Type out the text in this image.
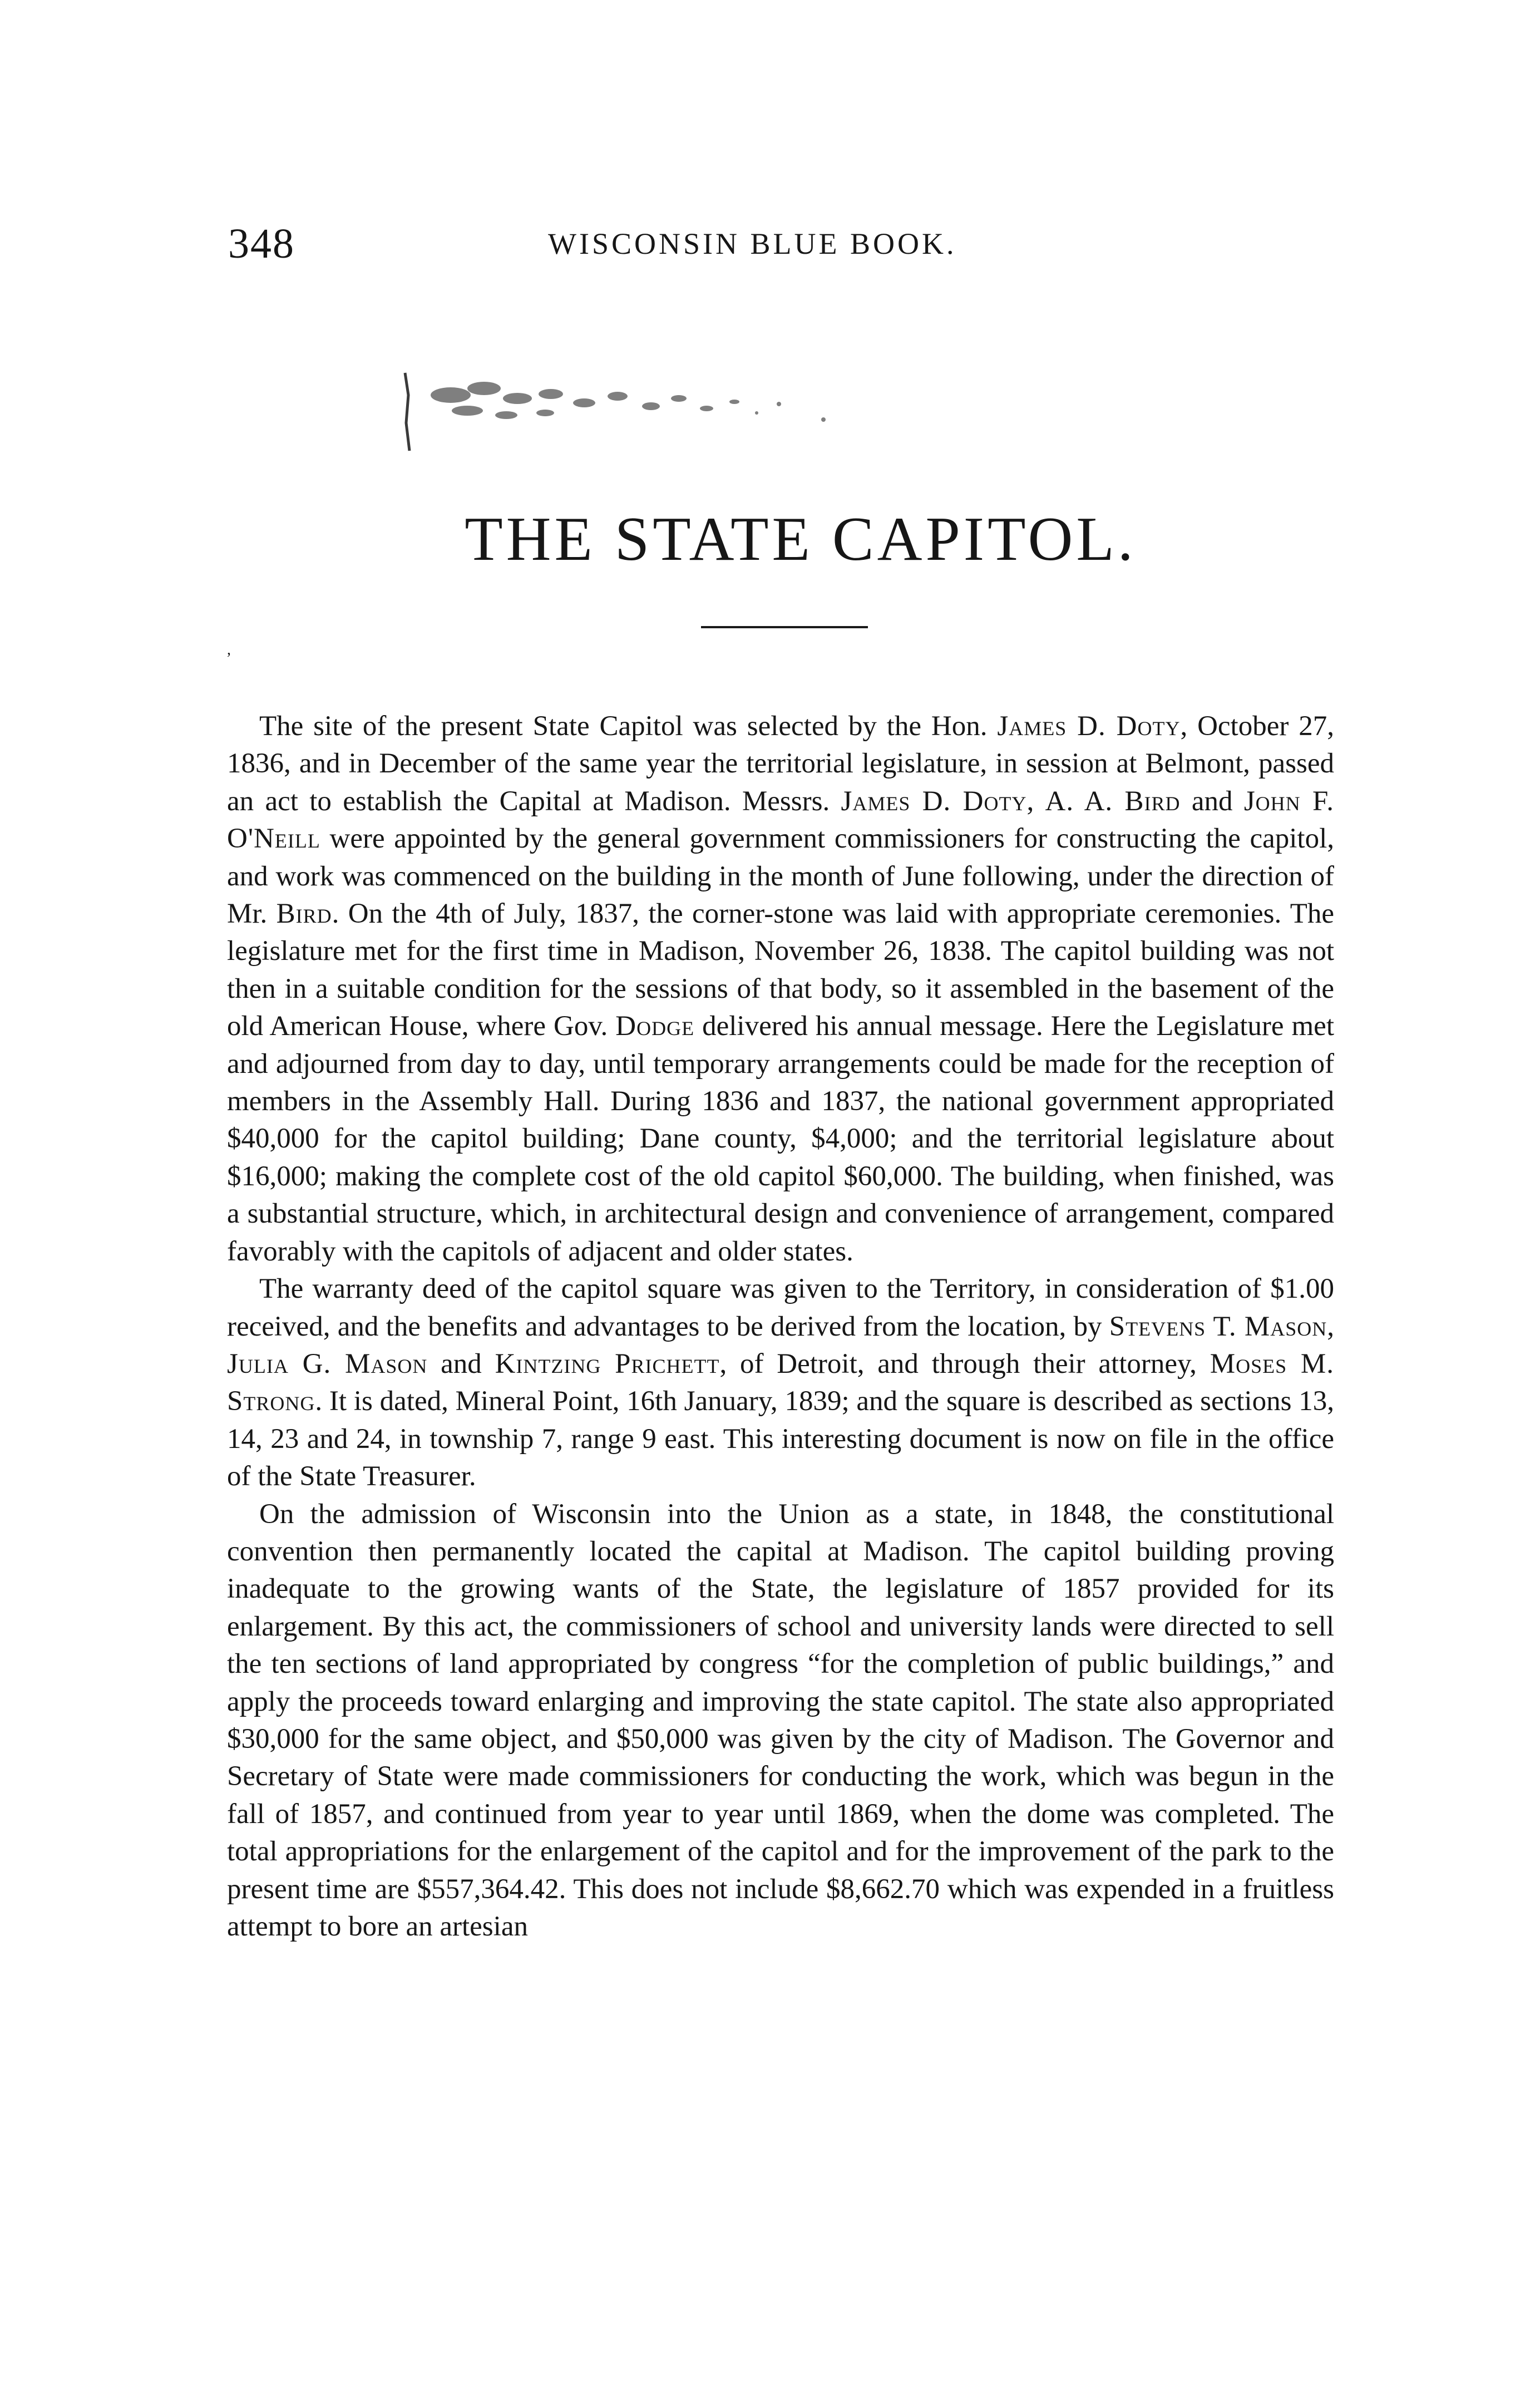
348	WISCONSIN BLUE BOOK.
THE STATE CAPITOL.
,

The site of the present State Capitol was selected by the Hon. James D. Doty, October 27, 1836, and in December of the same year the territorial legislature, in session at Belmont, passed an act to establish the Capital at Madison. Messrs. James D. Doty, A. A. Bird and John F. O'Neill were appointed by the general government commissioners for constructing the capitol, and work was commenced on the building in the month of June following, under the direction of Mr. Bird. On the 4th of July, 1837, the corner-stone was laid with appropriate ceremonies. The legislature met for the first time in Madison, November 26, 1838. The capitol building was not then in a suitable condition for the sessions of that body, so it assembled in the basement of the old American House, where Gov. Dodge delivered his annual message. Here the Legislature met and adjourned from day to day, until temporary arrangements could be made for the reception of members in the Assembly Hall. During 1836 and 1837, the national government appropriated $40,000 for the capitol building; Dane county, $4,000; and the territorial legislature about $16,000; making the complete cost of the old capitol $60,000. The building, when finished, was a substantial structure, which, in architectural design and convenience of arrangement, compared favorably with the capitols of adjacent and older states.

The warranty deed of the capitol square was given to the Territory, in consideration of $1.00 received, and the benefits and advantages to be derived from the location, by Stevens T. Mason, Julia G. Mason and Kintzing Prichett, of Detroit, and through their attorney, Moses M. Strong. It is dated, Mineral Point, 16th January, 1839; and the square is described as sections 13, 14, 23 and 24, in township 7, range 9 east. This interesting document is now on file in the office of the State Treasurer.

On the admission of Wisconsin into the Union as a state, in 1848, the constitutional convention then permanently located the capital at Madison. The capitol building proving inadequate to the growing wants of the State, the legislature of 1857 provided for its enlargement. By this act, the commissioners of school and university lands were directed to sell the ten sections of land appropriated by congress “for the completion of public buildings,” and apply the proceeds toward enlarging and improving the state capitol. The state also appropriated $30,000 for the same object, and $50,000 was given by the city of Madison. The Governor and Secretary of State were made commissioners for conducting the work, which was begun in the fall of 1857, and continued from year to year until 1869, when the dome was completed. The total appropriations for the enlargement of the capitol and for the improvement of the park to the present time are $557,364.42. This does not include $8,662.70 which was expended in a fruitless attempt to bore an artesian
